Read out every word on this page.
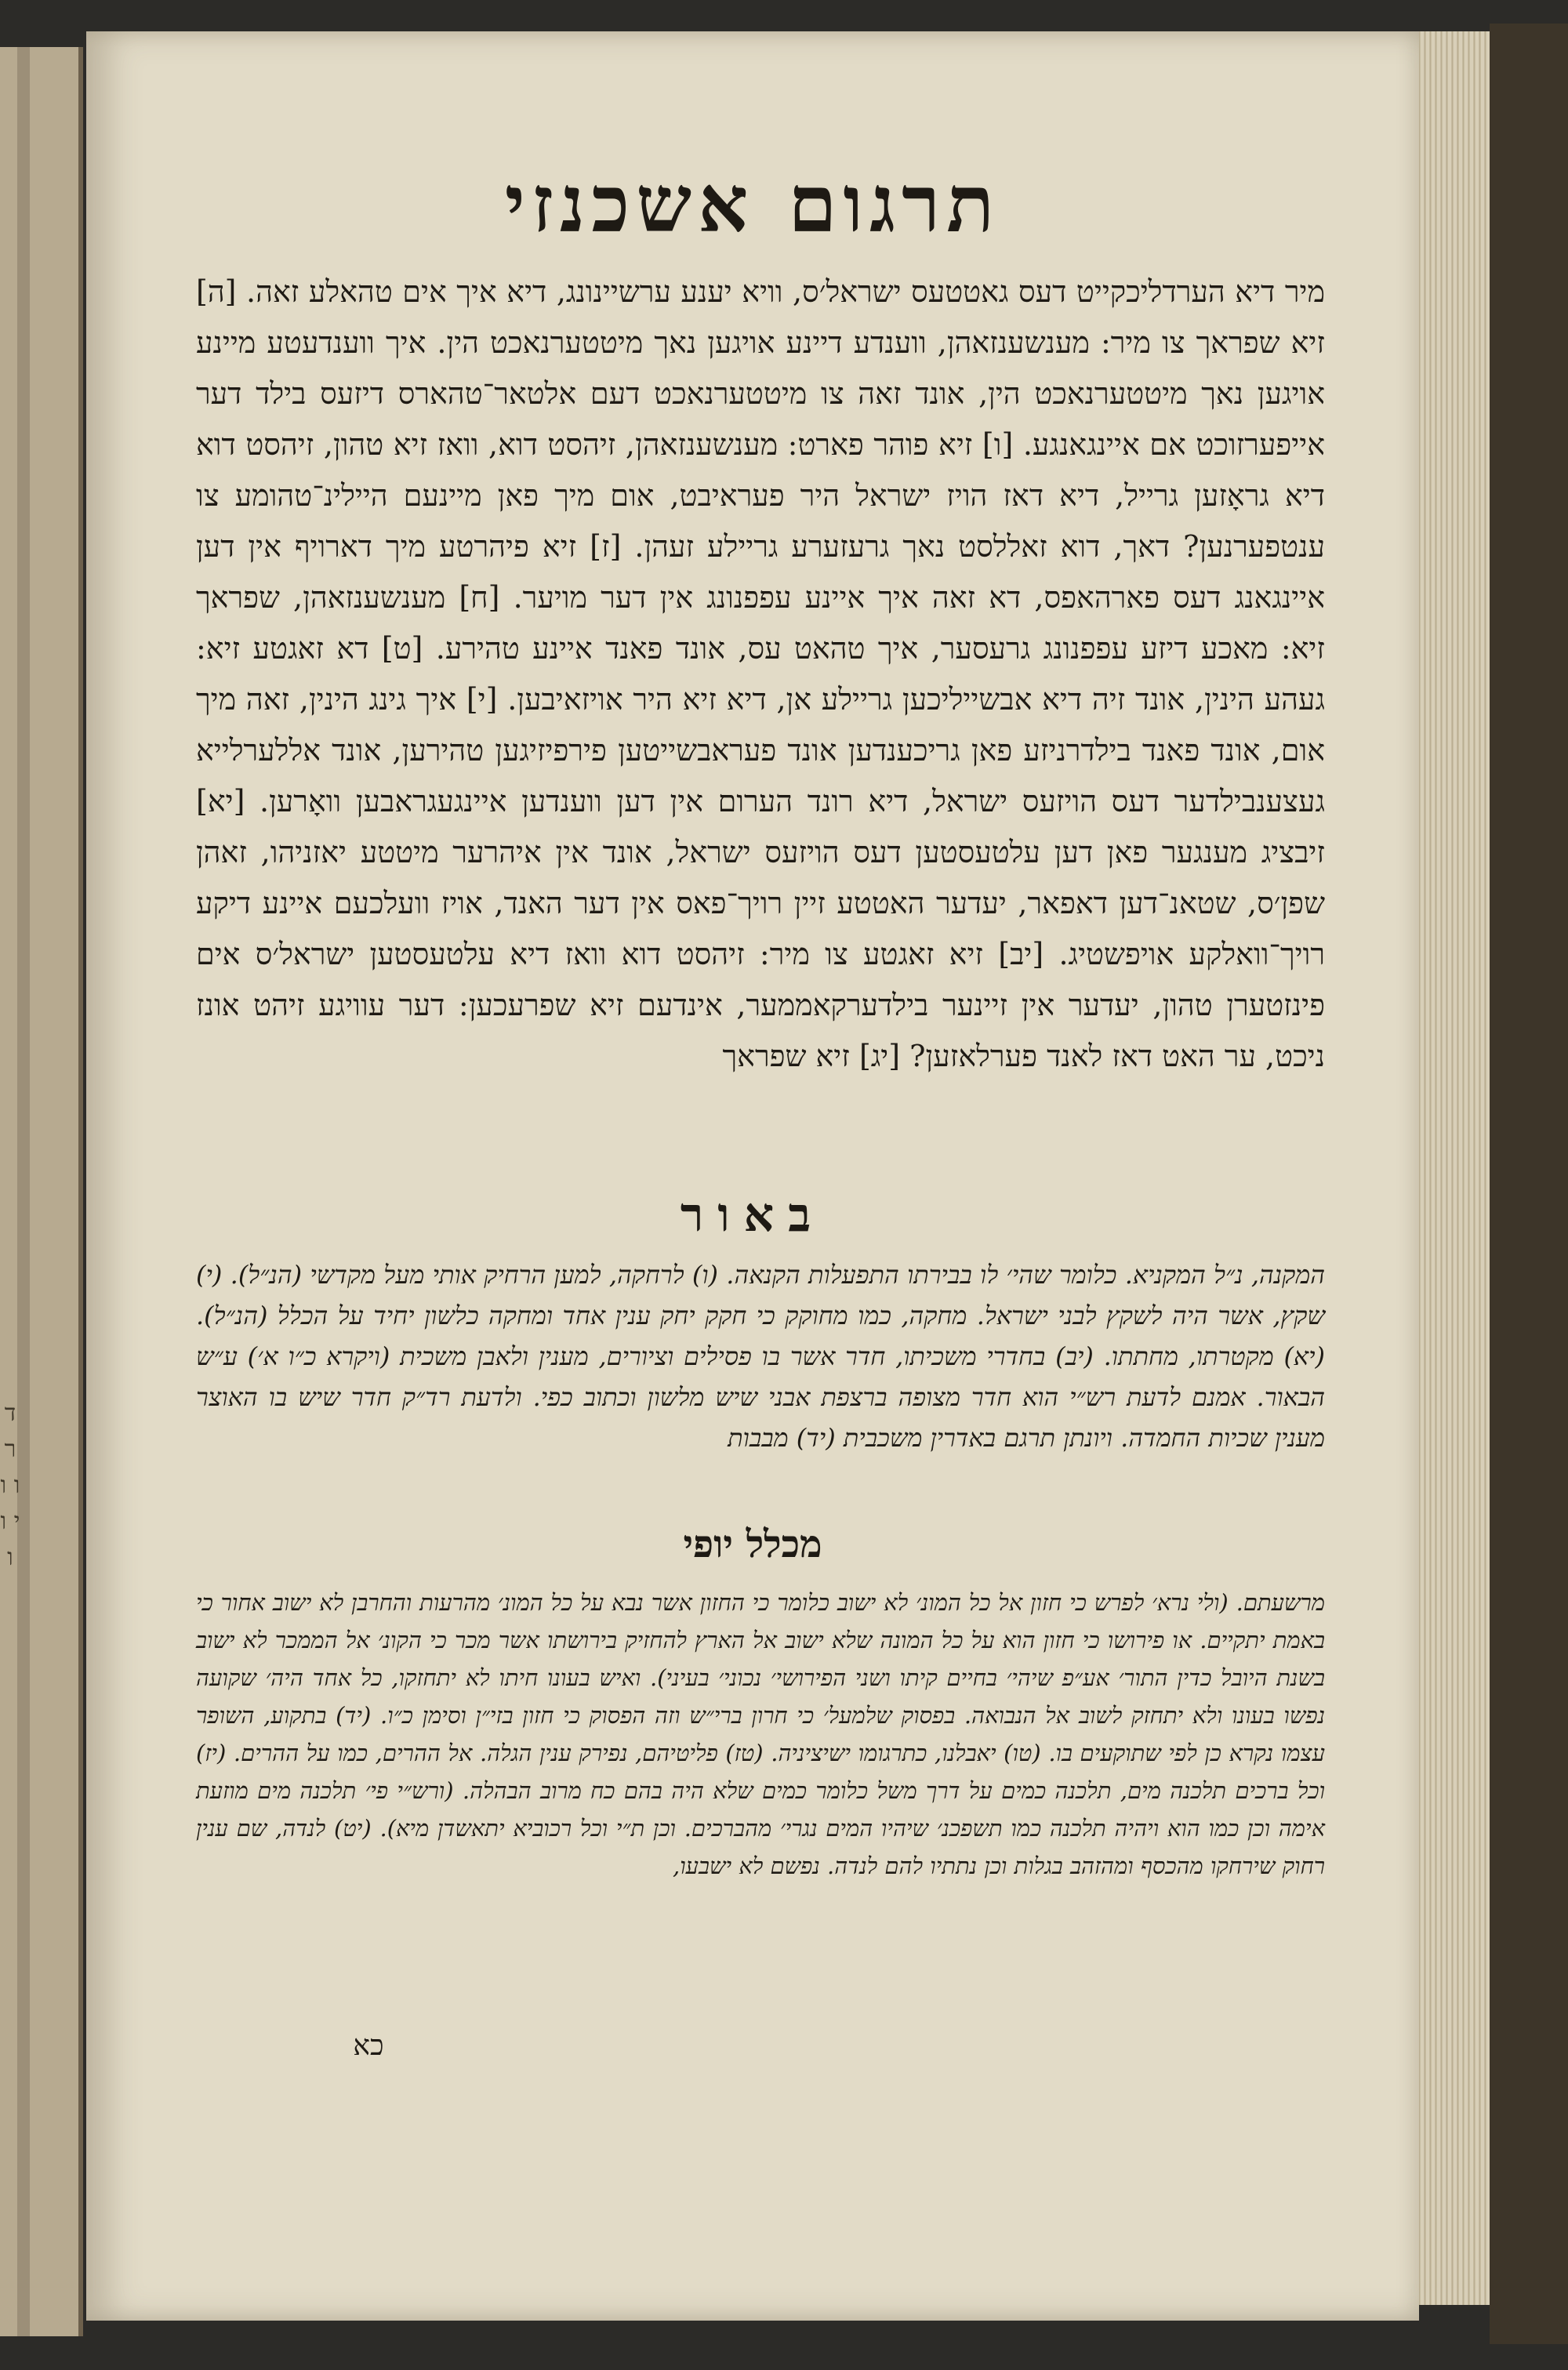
ד ר ו ו י ו ו
תרגום אשכנזי

מיר דיא הערדליכקייט דעס גאטטעס ישראל׳ס, וויא יענע ערשיינונג, דיא איך אים טהאלע זאה. [ה] זיא שפראך צו מיר: מענשענזאהן, ווענדע דיינע אויגען נאך מיטטערנאכט הין. איך ווענדעטע מיינע אויגען נאך מיטטערנאכט הין, אונד זאה צו מיטטערנאכט דעם אלטאר־טהארס דיזעס בילד דער אייפערזוכט אם איינגאנגע. [ו] זיא פוהר פארט: מענשענזאהן, זיהסט דוא, וואז זיא טהון, זיהסט דוא דיא גראָזען גרייל, דיא דאז הויז ישראל היר פעראיבט, אום מיך פאן מיינעם היילינ־טהומע צו ענטפערנען? דאך, דוא זאללסט נאך גרעזערע גריילע זעהן. [ז] זיא פיהרטע מיך דארויף אין דען איינגאנג דעס פארהאפס, דא זאה איך איינע עפפנונג אין דער מויער. [ח] מענשענזאהן, שפראך זיא: מאכע דיזע עפפנונג גרעסער, איך טהאט עס, אונד פאנד איינע טהירע. [ט] דא זאגטע זיא: געהע הינין, אונד זיה דיא אבשייליכען גריילע אן, דיא זיא היר אויזאיבען. [י] איך גינג הינין, זאה מיך אום, אונד פאנד בילדרניזע פאן גריכענדען אונד פעראבשייטען פירפיזיגען טהירען, אונד אללערלייא געצענבילדער דעס הויזעס ישראל, דיא רונד הערום אין דען ווענדען איינגעגראבען וואָרען. [יא] זיבציג מענגער פאן דען עלטעסטען דעס הויזעס ישראל, אונד אין איהרער מיטטע יאזניהו, זאהן שפן׳ס, שטאנ־דען דאפאר, יעדער האטטע זיין רויך־פאס אין דער האנד, אויז וועלכעם איינע דיקע רויך־וואלקע אויפשטיג. [יב] זיא זאגטע צו מיר: זיהסט דוא וואז דיא עלטעסטען ישראל׳ס אים פינזטערן טהון, יעדער אין זיינער בילדערקאממער, אינדעם זיא שפרעכען: דער עוויגע זיהט אונז ניכט, ער האט דאז לאנד פערלאזען? [יג] זיא שפראך

באור

המקנה, נ״ל המקניא. כלומר שהי׳ לו בבירתו התפעלות הקנאה. (ו) לרחקה, למען הרחיק אותי מעל מקדשי (הנ״ל). (י) שקץ, אשר היה לשקץ לבני ישראל. מחקה, כמו מחוקק כי חקק יחק ענין אחד ומחקה כלשון יחיד על הכלל (הנ״ל). (יא) מקטרתו, מחתתו. (יב) בחדרי משכיתו, חדר אשר בו פסילים וציורים, מענין ולאבן משכית (ויקרא כ״ו א׳) ע״ש הבאור. אמנם לדעת רש״י הוא חדר מצופה ברצפת אבני שיש מלשון וכתוב כפי. ולדעת רד״ק חדר שיש בו האוצר מענין שכיות החמדה. ויונתן תרגם באדרין משכבית (יד) מבבות

מכלל יופי

מרשעתם. (ולי נרא׳ לפרש כי חזון אל כל המונ׳ לא ישוב כלומר כי החזון אשר נבא על כל המונ׳ מהרעות והחרבן לא ישוב אחור כי באמת יתקיים. או פירושו כי חזון הוא על כל המונה שלא ישוב אל הארץ להחזיק בירושתו אשר מכר כי הקונ׳ אל הממכר לא ישוב בשנת היובל כדין התור׳ אע״פ שיהי׳ בחיים קיתו ושני הפירושי׳ נכוני׳ בעיני). ואיש בעונו חיתו לא יתחזקו, כל אחד היה׳ שקועה נפשו בעונו ולא יתחזק לשוב אל הנבואה. בפסוק שלמעל׳ כי חרון ברי״ש וזה הפסוק כי חזון בזי״ן וסימן כ״ו. (יד) בתקוע, השופר עצמו נקרא כן לפי שתוקעים בו. (טו) יאבלנו, כתרגומו ישיציניה. (טז) פליטיהם, נפירק ענין הגלה. אל ההרים, כמו על ההרים. (יז) וכל ברכים תלכנה מים, תלכנה כמים על דרך משל כלומר כמים שלא היה בהם כח מרוב הבהלה. (ורש״י פי׳ תלכנה מים מוזעת אימה וכן כמו הוא ויהיה תלכנה כמו תשפכנ׳ שיהיו המים נגרי׳ מהברכים. וכן ת״י וכל רכוביא יתאשדן מיא). (יט) לנדה, שם ענין רחוק שירחקו מהכסף ומהזהב בגלות וכן נתתיו להם לנדה. נפשם לא ישבעו,

כא
